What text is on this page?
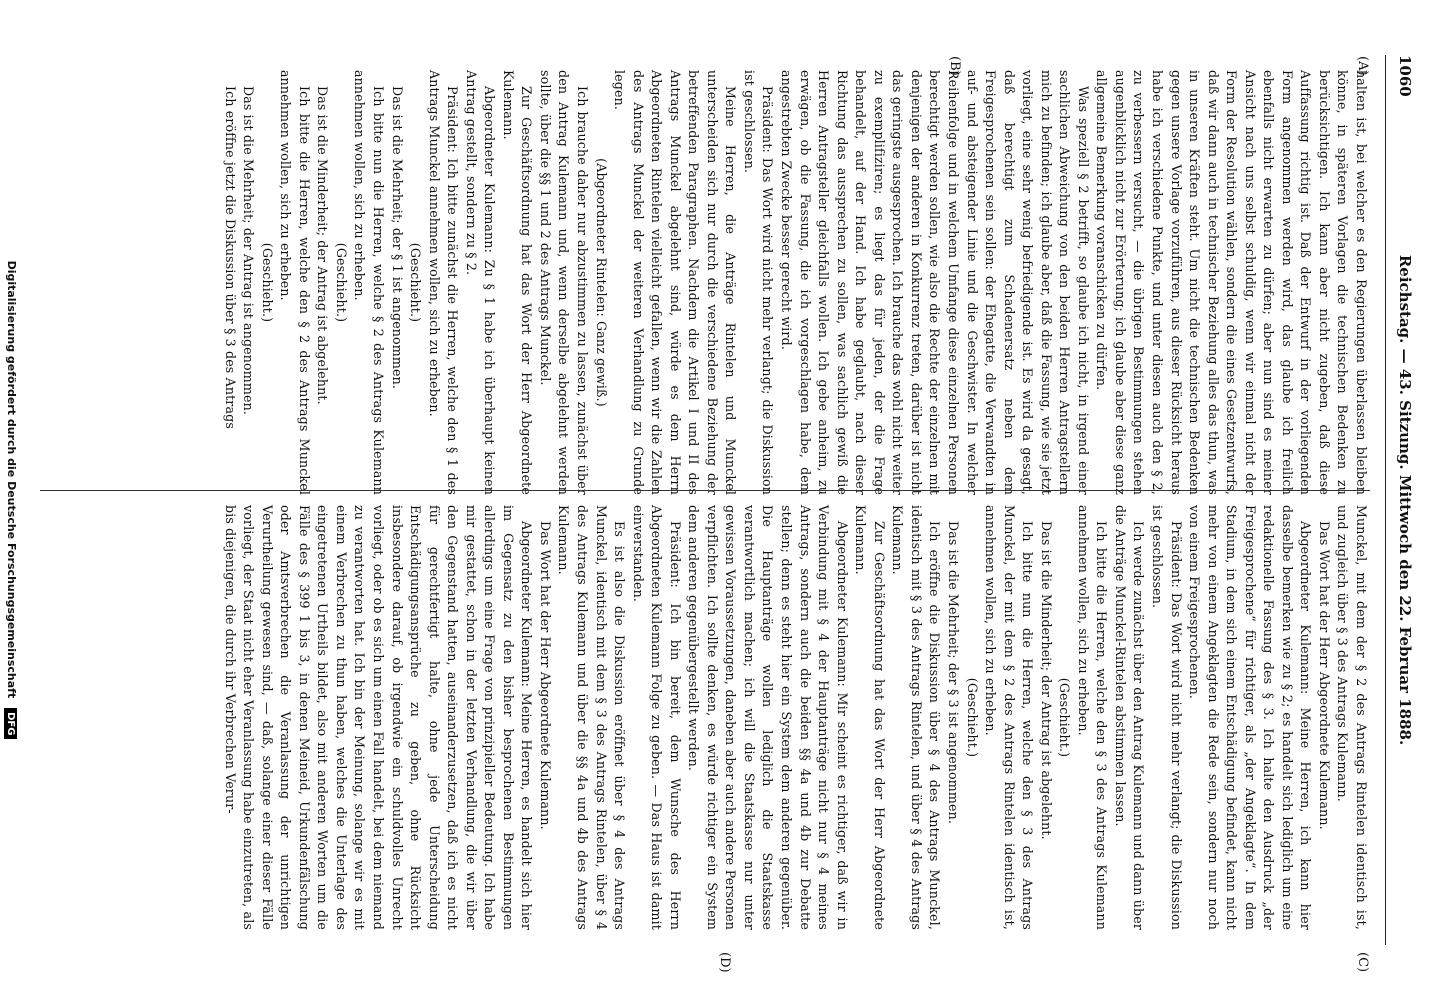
1060
Reichstag. — 43. Sitzung. Mittwoch den 22. Februar 1888.
(A)
(B)
(C)
(D)

halten ist, bei welcher es den Regierungen überlassen bleiben könne, in späteren Vorlagen die technischen Bedenken zu berücksichtigen. Ich kann aber nicht zugeben, daß diese Auffassung richtig ist. Daß der Entwurf in der vorliegenden Form angenommen werden wird, das glaube ich freilich ebenfalls nicht erwarten zu dürfen; aber nun sind es meiner Ansicht nach uns selbst schuldig, wenn wir einmal nicht der Form der Resolution wählen, sondern die eines Gesetzentwurfs, daß wir dann auch in technischer Beziehung alles das thun, was in unseren Kräften steht. Um nicht die technischen Bedenken gegen unsere Vorlage vorzuführen, aus dieser Rücksicht heraus habe ich verschiedene Punkte, und unter diesen auch den § 2, zu verbessern versucht, — die übrigen Bestimmungen stehen augenblicklich nicht zur Erörterung; ich glaube aber diese ganz allgemeine Bemerkung voranschicken zu dürfen.

Was speziell § 2 betrifft, so glaube ich nicht, in irgend einer sachlichen Abweichung von den beiden Herren Antragstellern mich zu befinden; ich glaube aber, daß die Fassung, wie sie jetzt vorliegt, eine sehr wenig befriedigende ist. Es wird da gesagt, daß berechtigt zum Schadenersatz neben dem Freigesprochenen sein sollen: der Ehegatte, die Verwandten in auf- und absteigender Linie und die Geschwister. In welcher Reihenfolge und in welchem Umfange diese einzelnen Personen berechtigt werden sollen, wie also die Rechte der einzelnen mit denjenigen der anderen in Konkurrenz treten, darüber ist nicht das geringste ausgesprochen. Ich brauche das wohl nicht weiter zu exemplifiziren; es liegt das für jeden, der die Frage behandelt, auf der Hand. Ich habe geglaubt, nach dieser Richtung das aussprechen zu sollen, was sachlich gewiß die Herren Antragsteller gleichfalls wollen. Ich gebe anheim, zu erwägen, ob die Fassung, die ich vorgeschlagen habe, dem angestrebten Zwecke besser gerecht wird.

Präsident: Das Wort wird nicht mehr verlangt; die Diskussion ist geschlossen.

Meine Herren, die Anträge Rintelen und Munckel unterscheiden sich nur durch die verschiedene Beziehung der betreffenden Paragraphen. Nachdem die Artikel I und II des Antrags Munckel abgelehnt sind, würde es dem Herrn Abgeordneten Rintelen vielleicht gefallen, wenn wir die Zahlen des Antrags Munckel der weiteren Verhandlung zu Grunde legen.

(Abgeordneter Rintelen: Ganz gewiß.)

Ich brauche daher nur abzustimmen zu lassen, zunächst über den Antrag Kulemann und, wenn derselbe abgelehnt werden sollte, über die §§ 1 und 2 des Antrags Munckel.

Zur Geschäftsordnung hat das Wort der Herr Abgeordnete Kulemann.

Abgeordneter Kulemann: Zu § 1 habe ich überhaupt keinen Antrag gestellt, sondern zu § 2.

Präsident: Ich bitte zunächst die Herren, welche den § 1 des Antrags Munckel annehmen wollen, sich zu erheben.

(Geschieht.)

Das ist die Mehrheit; der § 1 ist angenommen.

Ich bitte nun die Herren, welche § 2 des Antrags Kulemann annehmen wollen, sich zu erheben.

(Geschieht.)

Das ist die Minderheit; der Antrag ist abgelehnt.

Ich bitte die Herren, welche den § 2 des Antrags Munckel annehmen wollen, sich zu erheben.

(Geschieht.)

Das ist die Mehrheit; der Antrag ist angenommen.

Ich eröffne jetzt die Diskussion über § 3 des Antrags

Munckel, mit dem der § 2 des Antrags Rintelen identisch ist, und zugleich über § 3 des Antrags Kulemann.

Das Wort hat der Herr Abgeordnete Kulemann.

Abgeordneter Kulemann: Meine Herren, ich kann hier dasselbe bemerken wie zu § 2; es handelt sich lediglich um eine redaktionelle Fassung des § 3. Ich halte den Ausdruck „der Freigesprochene“ für richtiger, als „der Angeklagte“. In dem Stadium, in dem sich einem Entschädigung befindet, kann nicht mehr von einem Angeklagten die Rede sein, sondern nur noch von einem Freigesprochenen.

Präsident: Das Wort wird nicht mehr verlangt; die Diskussion ist geschlossen.

Ich werde zunächst über den Antrag Kulemann und dann über die Anträge Munckel-Rintelen abstimmen lassen.

Ich bitte die Herren, welche den § 3 des Antrags Kulemann annehmen wollen, sich zu erheben.

(Geschieht.)

Das ist die Minderheit; der Antrag ist abgelehnt.

Ich bitte nun die Herren, welche den § 3 des Antrags Munckel, der mit dem § 2 des Antrags Rintelen identisch ist, annehmen wollen, sich zu erheben.

(Geschieht.)

Das ist die Mehrheit; der § 3 ist angenommen.

Ich eröffne die Diskussion über § 4 des Antrags Munckel, identisch mit § 3 des Antrags Rintelen, und über § 4 des Antrags Kulemann.

Zur Geschäftsordnung hat das Wort der Herr Abgeordnete Kulemann.

Abgeordneter Kulemann: Mir scheint es richtiger, daß wir in Verbindung mit § 4 der Hauptanträge nicht nur § 4 meines Antrags, sondern auch die beiden §§ 4a und 4b zur Debatte stellen; denn es steht hier ein System dem anderen gegenüber. Die Hauptanträge wollen lediglich die Staatskasse verantwortlich machen; ich will die Staatskasse nur unter gewissen Voraussetzungen, daneben aber auch andere Personen verpflichten. Ich sollte denken, es würde richtiger ein System dem anderen gegenübergestellt werden.

Präsident: Ich bin bereit, dem Wunsche des Herrn Abgeordneten Kulemann Folge zu geben. — Das Haus ist damit einverstanden.

Es ist also die Diskussion eröffnet über § 4 des Antrags Munckel, identisch mit dem § 3 des Antrags Rintelen, über § 4 des Antrags Kulemann und über die §§ 4a und 4b des Antrags Kulemann.

Das Wort hat der Herr Abgeordnete Kulemann.

Abgeordneter Kulemann: Meine Herren, es handelt sich hier im Gegensatz zu den bisher besprochenen Bestimmungen allerdings um eine Frage von prinzipieller Bedeutung. Ich habe mir gestattet, schon in der letzten Verhandlung, die wir über den Gegenstand hatten, auseinanderzusetzen, daß ich es nicht für gerechtfertigt halte, ohne jede Unterscheidung Entschädigungsansprüche zu geben, ohne Rücksicht insbesondere darauf, ob irgendwie ein schuldvolles Unrecht vorliegt, oder ob es sich um einen Fall handelt, bei dem niemand zu verantworten hat. Ich bin der Meinung, solange wir es mit einem Verbrechen zu thun haben, welches die Unterlage des eingetretenen Urtheils bildet, also mit anderen Worten um die Fälle des § 399 1 bis 3, in denen Meineid, Urkundenfälschung oder Amtsverbrechen die Veranlassung der unrichtigen Verurtheilung gewesen sind, — daß, solange einer dieser Fälle vorliegt, der Staat nicht eher Veranlassung habe einzutreten, als bis diejenigen, die durch ihr Verbrechen Verur-

Digitalisierung gefördert durch die Deutsche Forschungsgemeinschaft DFG
